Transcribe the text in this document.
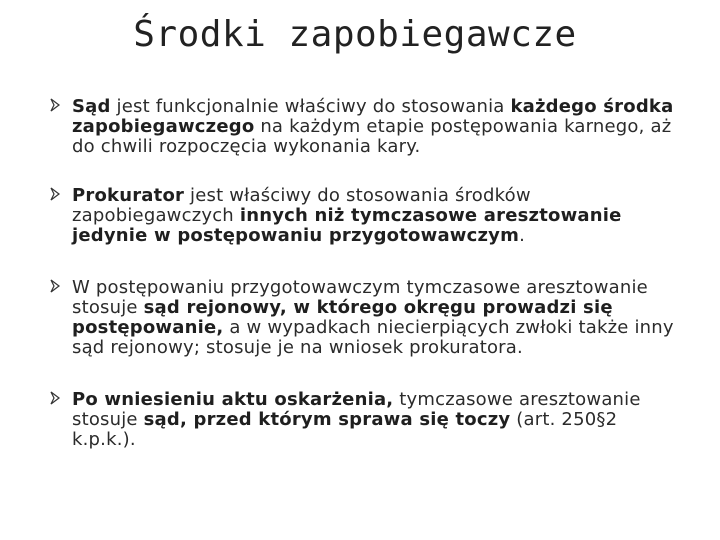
Środki zapobiegawcze
Sąd jest funkcjonalnie właściwy do stosowania każdego środka zapobiegawczego na każdym etapie postępowania karnego, aż do chwili rozpoczęcia wykonania kary.
Prokurator jest właściwy do stosowania środków zapobiegawczych innych niż tymczasowe aresztowanie jedynie w postępowaniu przygotowawczym.
W postępowaniu przygotowawczym tymczasowe aresztowanie stosuje sąd rejonowy, w którego okręgu prowadzi się postępowanie, a w wypadkach niecierpiących zwłoki także inny sąd rejonowy; stosuje je na wniosek prokuratora.
Po wniesieniu aktu oskarżenia, tymczasowe aresztowanie stosuje sąd, przed którym sprawa się toczy (art. 250§2 k.p.k.).
